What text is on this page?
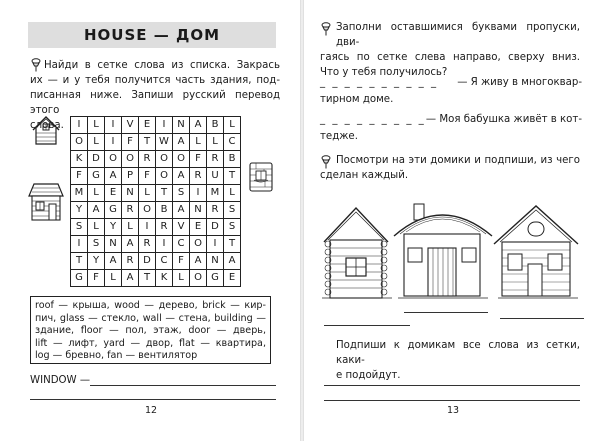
HOUSE — ДОМ
Найди в сетке слова из списка. Закрась
их — и у тебя получится часть здания, под-
писанная ниже. Запиши русский перевод этого
слова.	I	L	I	V	E	I	N	A	B	L
O	L	I	F	T	W	A	L	L	C
K	D	O	O	R	O	O	F	R	B
F	G	A	P	F	O	A	R	U	T
M	L	E	N	L	T	S	I	M	L
Y	A	G	R	O	B	A	N	R	S
S	L	Y	L	I	R	V	E	D	S
I	S	N	A	R	I	C	O	I	T
T	Y	A	R	D	C	F	A	N	A
G	F	L	A	T	K	L	O	G	E
roof — крыша, wood — дерево, brick — кир-
пич, glass — стекло, wall — стена, building —
здание, floor — пол, этаж, door — дверь,
lift — лифт, yard — двор, flat — квартира,
log — бревно, fan — вентилятор
WINDOW —
12
Заполни оставшимися буквами пропуски, дви-
гаясь по сетке слева направо, сверху вниз.
Что у тебя получилось?
_ _ _ _ _ _ _ _ _ _ — Я живу в многоквар-
тирном доме.
_ _ _ _ _ _ _ _ _ — Моя бабушка живёт в кот-
тедже.
Посмотри на эти домики и подпиши, из чего
сделан каждый.
Подпиши к домикам все слова из сетки, каки-
е подойдут.
13
